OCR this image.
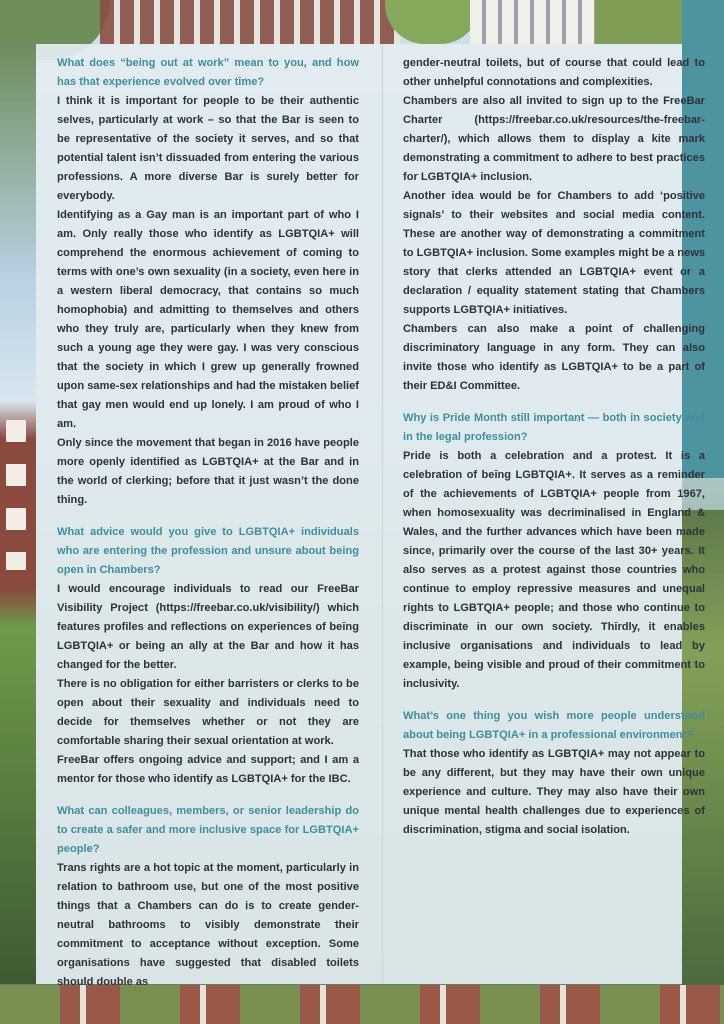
What does “being out at work” mean to you, and how has that experience evolved over time?

I think it is important for people to be their authentic selves, particularly at work – so that the Bar is seen to be representative of the society it serves, and so that potential talent isn’t dissuaded from entering the various professions. A more diverse Bar is surely better for everybody.

Identifying as a Gay man is an important part of who I am. Only really those who identify as LGBTQIA+ will comprehend the enormous achievement of coming to terms with one’s own sexuality (in a society, even here in a western liberal democracy, that contains so much homophobia) and admitting to themselves and others who they truly are, particularly when they knew from such a young age they were gay. I was very conscious that the society in which I grew up generally frowned upon same-sex relationships and had the mistaken belief that gay men would end up lonely. I am proud of who I am.

Only since the movement that began in 2016 have people more openly identified as LGBTQIA+ at the Bar and in the world of clerking; before that it just wasn’t the done thing.

What advice would you give to LGBTQIA+ individuals who are entering the profession and unsure about being open in Chambers?

I would encourage individuals to read our FreeBar Visibility Project (https://freebar.co.uk/visibility/) which features profiles and reflections on experiences of being LGBTQIA+ or being an ally at the Bar and how it has changed for the better.

There is no obligation for either barristers or clerks to be open about their sexuality and individuals need to decide for themselves whether or not they are comfortable sharing their sexual orientation at work.

FreeBar offers ongoing advice and support; and I am a mentor for those who identify as LGBTQIA+ for the IBC.

What can colleagues, members, or senior leadership do to create a safer and more inclusive space for LGBTQIA+ people?

Trans rights are a hot topic at the moment, particularly in relation to bathroom use, but one of the most positive things that a Chambers can do is to create gender-neutral bathrooms to visibly demonstrate their commitment to acceptance without exception. Some organisations have suggested that disabled toilets should double as

gender-neutral toilets, but of course that could lead to other unhelpful connotations and complexities.

Chambers are also all invited to sign up to the FreeBar Charter (https://freebar.co.uk/resources/the-freebar-charter/), which allows them to display a kite mark demonstrating a commitment to adhere to best practices for LGBTQIA+ inclusion.

Another idea would be for Chambers to add ‘positive signals’ to their websites and social media content. These are another way of demonstrating a commitment to LGBTQIA+ inclusion. Some examples might be a news story that clerks attended an LGBTQIA+ event or a declaration / equality statement stating that Chambers supports LGBTQIA+ initiatives.

Chambers can also make a point of challenging discriminatory language in any form. They can also invite those who identify as LGBTQIA+ to be a part of their ED&I Committee.

Why is Pride Month still important — both in society and in the legal profession?

Pride is both a celebration and a protest. It is a celebration of being LGBTQIA+. It serves as a reminder of the achievements of LGBTQIA+ people from 1967, when homosexuality was decriminalised in England & Wales, and the further advances which have been made since, primarily over the course of the last 30+ years. It also serves as a protest against those countries who continue to employ repressive measures and unequal rights to LGBTQIA+ people; and those who continue to discriminate in our own society. Thirdly, it enables inclusive organisations and individuals to lead by example, being visible and proud of their commitment to inclusivity.

What’s one thing you wish more people understood about being LGBTQIA+ in a professional environment?

That those who identify as LGBTQIA+ may not appear to be any different, but they may have their own unique experience and culture. They may also have their own unique mental health challenges due to experiences of discrimination, stigma and social isolation.
